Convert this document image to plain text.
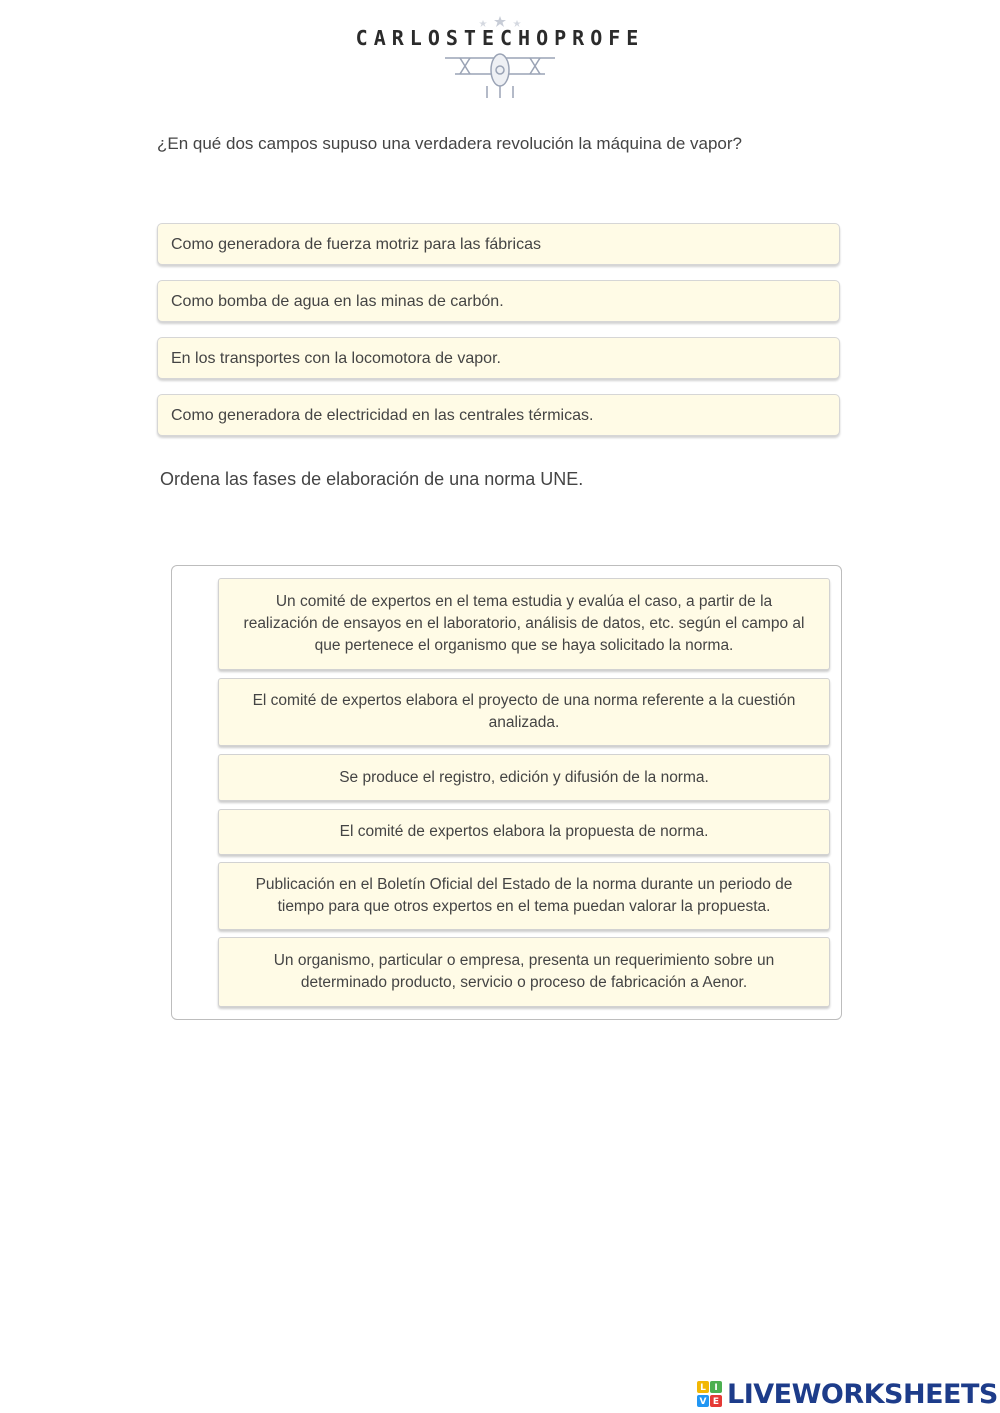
CARLOSTECHOPROFE
¿En qué dos campos supuso una verdadera revolución la máquina de vapor?
Como generadora de fuerza motriz para las fábricas
Como bomba de agua en las minas de carbón.
En los transportes con la locomotora de vapor.
Como generadora de electricidad en las centrales térmicas.
Ordena las fases de elaboración de una norma UNE.
Un comité de expertos en el tema estudia y evalúa el caso, a partir de la realización de ensayos en el laboratorio, análisis de datos, etc. según el campo al que pertenece el organismo que se haya solicitado la norma.
El comité de expertos elabora el proyecto de una norma referente a la cuestión analizada.
Se produce el registro, edición y difusión de la norma.
El comité de expertos elabora la propuesta de norma.
Publicación en el Boletín Oficial del Estado de la norma durante un periodo de tiempo para que otros expertos en el tema puedan valorar la propuesta.
Un organismo, particular o empresa, presenta un requerimiento sobre un determinado producto, servicio o proceso de fabricación a Aenor.
L I
V E LIVEWORKSHEETS
